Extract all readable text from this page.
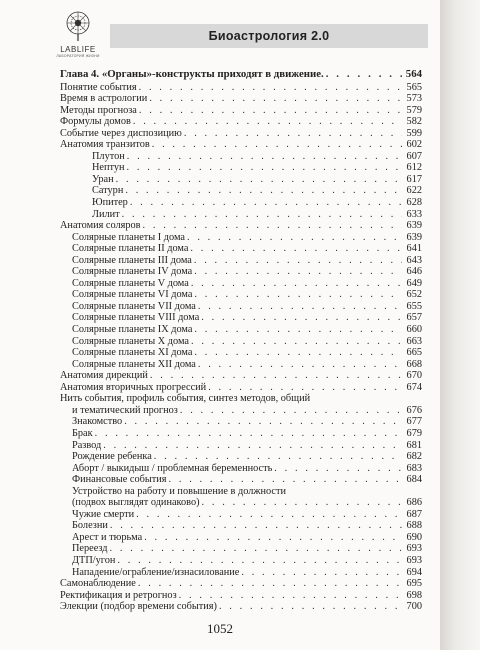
LABLIFE
ЛАБОРАТОРИЯ ЖИЗНИ
Биоастрология 2.0
Глава 4. «Органы»-конструкты приходят в движение. . . .	564
Понятие события . . .	565
Время в астрологии . . .	573
Методы прогноза . . .	579
Формулы домов . . .	582
Событие через диспозицию . . .	599
Анатомия транзитов . . .	602
Плутон . . .	607
Нептун . . .	612
Уран . . .	617
Сатурн . . .	622
Юпитер . . .	628
Лилит . . .	633
Анатомия соляров . . .	639
Солярные планеты I дома . . .	639
Солярные планеты II дома . . .	641
Солярные планеты III дома . . .	643
Солярные планеты IV дома . . .	646
Солярные планеты V дома . . .	649
Солярные планеты VI дома . . .	652
Солярные планеты VII дома . . .	655
Солярные планеты VIII дома . . .	657
Солярные планеты IX дома . . .	660
Солярные планеты X дома . . .	663
Солярные планеты XI дома . . .	665
Солярные планеты XII дома . . .	668
Анатомия дирекций . . .	670
Анатомия вторичных прогрессий . . .	674
Нить события, профиль события, синтез методов, общий
и тематический прогноз . . .	676
Знакомство . . .	677
Брак . . .	679
Развод . . .	681
Рождение ребенка . . .	682
Аборт / выкидыш / проблемная беременность . . .	683
Финансовые события . . .	684
Устройство на работу и повышение в должности
(подвох выглядят одинаково) . . .	686
Чужие смерти . . .	687
Болезни . . .	688
Арест и тюрьма . . .	690
Переезд . . .	693
ДТП/угон . . .	693
Нападение/ограбление/изнасилование . . .	694
Самонаблюдение . . .	695
Ректификация и ретрогноз . . .	698
Элекции (подбор времени события) . . .	700
1052
